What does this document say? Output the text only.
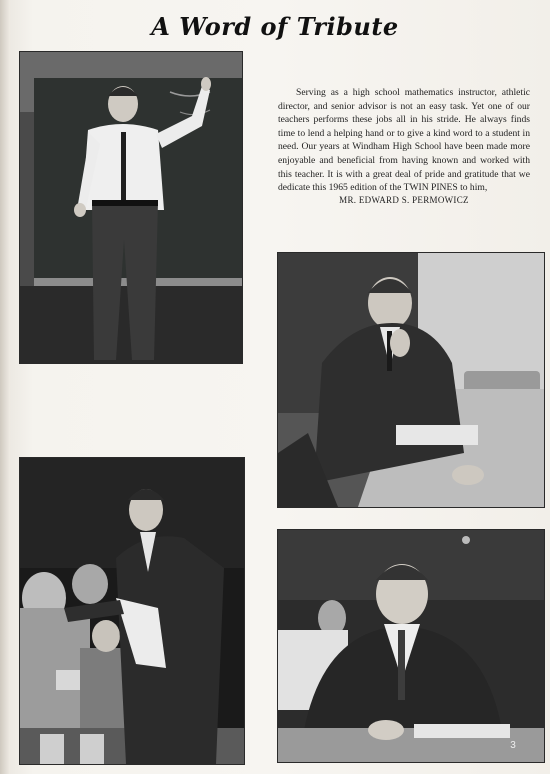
A Word of Tribute
Serving as a high school mathematics instructor, athletic director, and senior advisor is not an easy task. Yet one of our teachers performs these jobs all in his stride. He always finds time to lend a helping hand or to give a kind word to a student in need. Our years at Windham High School have been made more enjoyable and beneficial from having known and worked with this teacher. It is with a great deal of pride and gratitude that we dedicate this 1965 edition of the TWIN PINES to him,
MR. EDWARD S. PERMOWICZ
3
